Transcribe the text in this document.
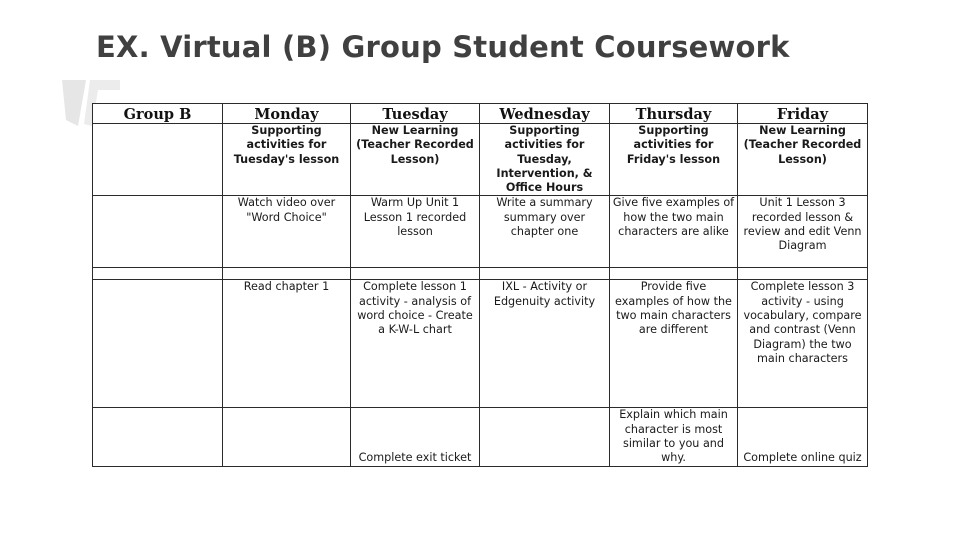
EX. Virtual (B) Group Student Coursework
Group B	Monday	Tuesday	Wednesday	Thursday	Friday
	Supporting activities for Tuesday's lesson	New Learning (Teacher Recorded Lesson)	Supporting activities for Tuesday, Intervention, & Office Hours	Supporting activities for Friday's lesson	New Learning (Teacher Recorded Lesson)
	Watch video over "Word Choice"	Warm Up Unit 1 Lesson 1 recorded lesson	Write a summary summary over chapter one	Give five examples of how the two main characters are alike	Unit 1 Lesson 3 recorded lesson & review and edit Venn Diagram

	Read chapter 1	Complete lesson 1 activity - analysis of word choice - Create a K-W-L chart	IXL - Activity or Edgenuity activity	Provide five examples of how the two main characters are different	Complete lesson 3 activity - using vocabulary, compare and contrast (Venn Diagram) the two main characters
		Complete exit ticket		Explain which main character is most similar to you and why.	Complete online quiz
